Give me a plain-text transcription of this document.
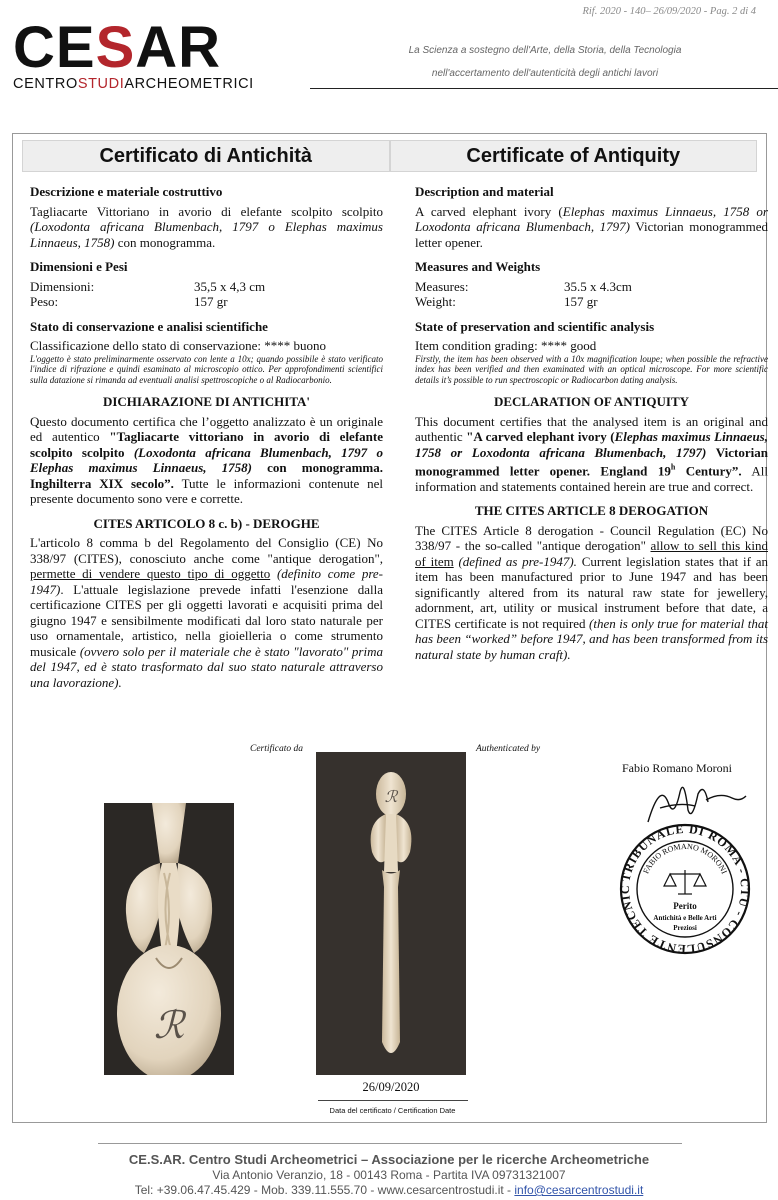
Rif. 2020 - 140– 26/09/2020 - Pag. 2 di 4
CESAR
CENTROSTUDIARCHEOMETRICI
La Scienza a sostegno dell'Arte, della Storia, della Tecnologia
nell'accertamento dell'autenticità degli antichi lavori
Certificato di Antichità	Certificate of Antiquity
Descrizione e materiale costruttivo
Tagliacarte Vittoriano in avorio di elefante scolpito scolpito (Loxodonta africana Blumenbach, 1797 o Elephas maximus Linnaeus, 1758) con monogramma.
Dimensioni e Pesi
Dimensioni:	35,5 x 4,3 cm
Peso:	157 gr
Stato di conservazione e analisi scientifiche
Classificazione dello stato di conservazione: **** buono
L'oggetto è stato preliminarmente osservato con lente a 10x; quando possibile è stato verificato l'indice di rifrazione e quindi esaminato al microscopio ottico. Per approfondimenti scientifici sulla datazione si rimanda ad eventuali analisi spettroscopiche o al Radiocarbonio.
DICHIARAZIONE DI ANTICHITA'
Questo documento certifica che l’oggetto analizzato è un originale ed autentico "Tagliacarte vittoriano in avorio di elefante scolpito scolpito (Loxodonta africana Blumenbach, 1797 o Elephas maximus Linnaeus, 1758) con monogramma. Inghilterra XIX secolo”. Tutte le informazioni contenute nel presente documento sono vere e corrette.
CITES ARTICOLO 8 c. b) - DEROGHE
L'articolo 8 comma b del Regolamento del Consiglio (CE) No 338/97 (CITES), conosciuto anche come "antique derogation", permette di vendere questo tipo di oggetto (definito come pre-1947). L'attuale legislazione prevede infatti l'esenzione dalla certificazione CITES per gli oggetti lavorati e acquisiti prima del giugno 1947 e sensibilmente modificati dal loro stato naturale per uso ornamentale, artistico, nella gioielleria o come strumento musicale (ovvero solo per il materiale che è stato "lavorato" prima del 1947, ed è stato trasformato dal suo stato naturale attraverso una lavorazione).
Description and material
A carved elephant ivory (Elephas maximus Linnaeus, 1758 or Loxodonta africana Blumenbach, 1797) Victorian monogrammed letter opener.
Measures and Weights
Measures:	35.5 x 4.3cm
Weight:	157 gr
State of preservation and scientific analysis
Item condition grading: **** good
Firstly, the item has been observed with a 10x magnification loupe; when possible the refractive index has been verified and then examinated with an optical microscope. For more scientific details it’s possible to run spectroscopic or Radiocarbon dating analysis.
DECLARATION OF ANTIQUITY
This document certifies that the analysed item is an original and authentic "A carved elephant ivory (Elephas maximus Linnaeus, 1758 or Loxodonta africana Blumenbach, 1797) Victorian monogrammed letter opener. England 19$^h$ Century”. All information and statements contained herein are true and correct.
THE CITES ARTICLE 8 DEROGATION
The CITES Article 8 derogation - Council Regulation (EC) No 338/97 - the so-called "antique derogation" allow to sell this kind of item (defined as pre-1947). Current legislation states that if an item has been manufactured prior to June 1947 and has been significantly altered from its natural raw state for jewellery, adornment, art, utility or musical instrument before that date, a CITES certificate is not required (then is only true for material that has been “worked” before 1947, and has been transformed from its natural state by human craft).
Certificato da	Authenticated by
ℛ
ℛ
26/09/2020
Data del certificato / Certification Date
Fabio Romano Moroni
TRIBUNALE DI ROMA - CTU - CONSULENTE TECNIC
FABIO ROMANO MORONI
Perito
Antichità e Belle Arti
Preziosi
CE.S.AR. Centro Studi Archeometrici – Associazione per le ricerche Archeometriche
Via Antonio Veranzio, 18 - 00143 Roma - Partita IVA 09731321007
Tel: +39.06.47.45.429 - Mob. 339.11.555.70 - www.cesarcentrostudi.it - info@cesarcentrostudi.it
